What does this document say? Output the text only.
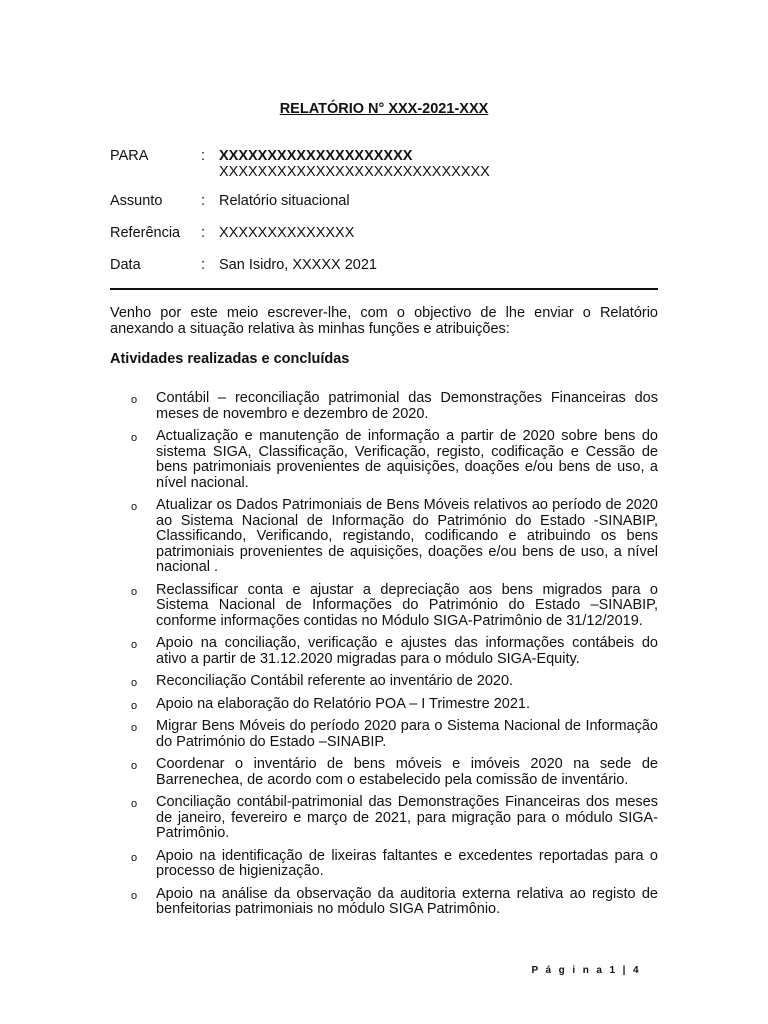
RELATÓRIO N° XXX-2021-XXX
PARA	: XXXXXXXXXXXXXXXXXXXX
XXXXXXXXXXXXXXXXXXXXXXXXXXXX
Assunto	: Relatório situacional
Referência : XXXXXXXXXXXXXX
Data	: San Isidro, XXXXX 2021
Venho por este meio escrever-lhe, com o objectivo de lhe enviar o Relatório anexando a situação relativa às minhas funções e atribuições:
Atividades realizadas e concluídas
o Contábil – reconciliação patrimonial das Demonstrações Financeiras dos meses de novembro e dezembro de 2020.
o Actualização e manutenção de informação a partir de 2020 sobre bens do sistema SIGA, Classificação, Verificação, registo, codificação e Cessão de bens patrimoniais provenientes de aquisições, doações e/ou bens de uso, a nível nacional.
o Atualizar os Dados Patrimoniais de Bens Móveis relativos ao período de 2020 ao Sistema Nacional de Informação do Património do Estado -SINABIP, Classificando, Verificando, registando, codificando e atribuindo os bens patrimoniais provenientes de aquisições, doações e/ou bens de uso, a nível nacional .
o Reclassificar conta e ajustar a depreciação aos bens migrados para o Sistema Nacional de Informações do Património do Estado –SINABIP, conforme informações contidas no Módulo SIGA-Patrimônio de 31/12/2019.
o Apoio na conciliação, verificação e ajustes das informações contábeis do ativo a partir de 31.12.2020 migradas para o módulo SIGA-Equity.
o Reconciliação Contábil referente ao inventário de 2020.
o Apoio na elaboração do Relatório POA – I Trimestre 2021.
o Migrar Bens Móveis do período 2020 para o Sistema Nacional de Informação do Património do Estado –SINABIP.
o Coordenar o inventário de bens móveis e imóveis 2020 na sede de Barrenechea, de acordo com o estabelecido pela comissão de inventário.
o Conciliação contábil-patrimonial das Demonstrações Financeiras dos meses de janeiro, fevereiro e março de 2021, para migração para o módulo SIGA-Patrimônio.
o Apoio na identificação de lixeiras faltantes e excedentes reportadas para o processo de higienização.
o Apoio na análise da observação da auditoria externa relativa ao registo de benfeitorias patrimoniais no módulo SIGA Patrimônio.
P á g i n a 1 | 4
